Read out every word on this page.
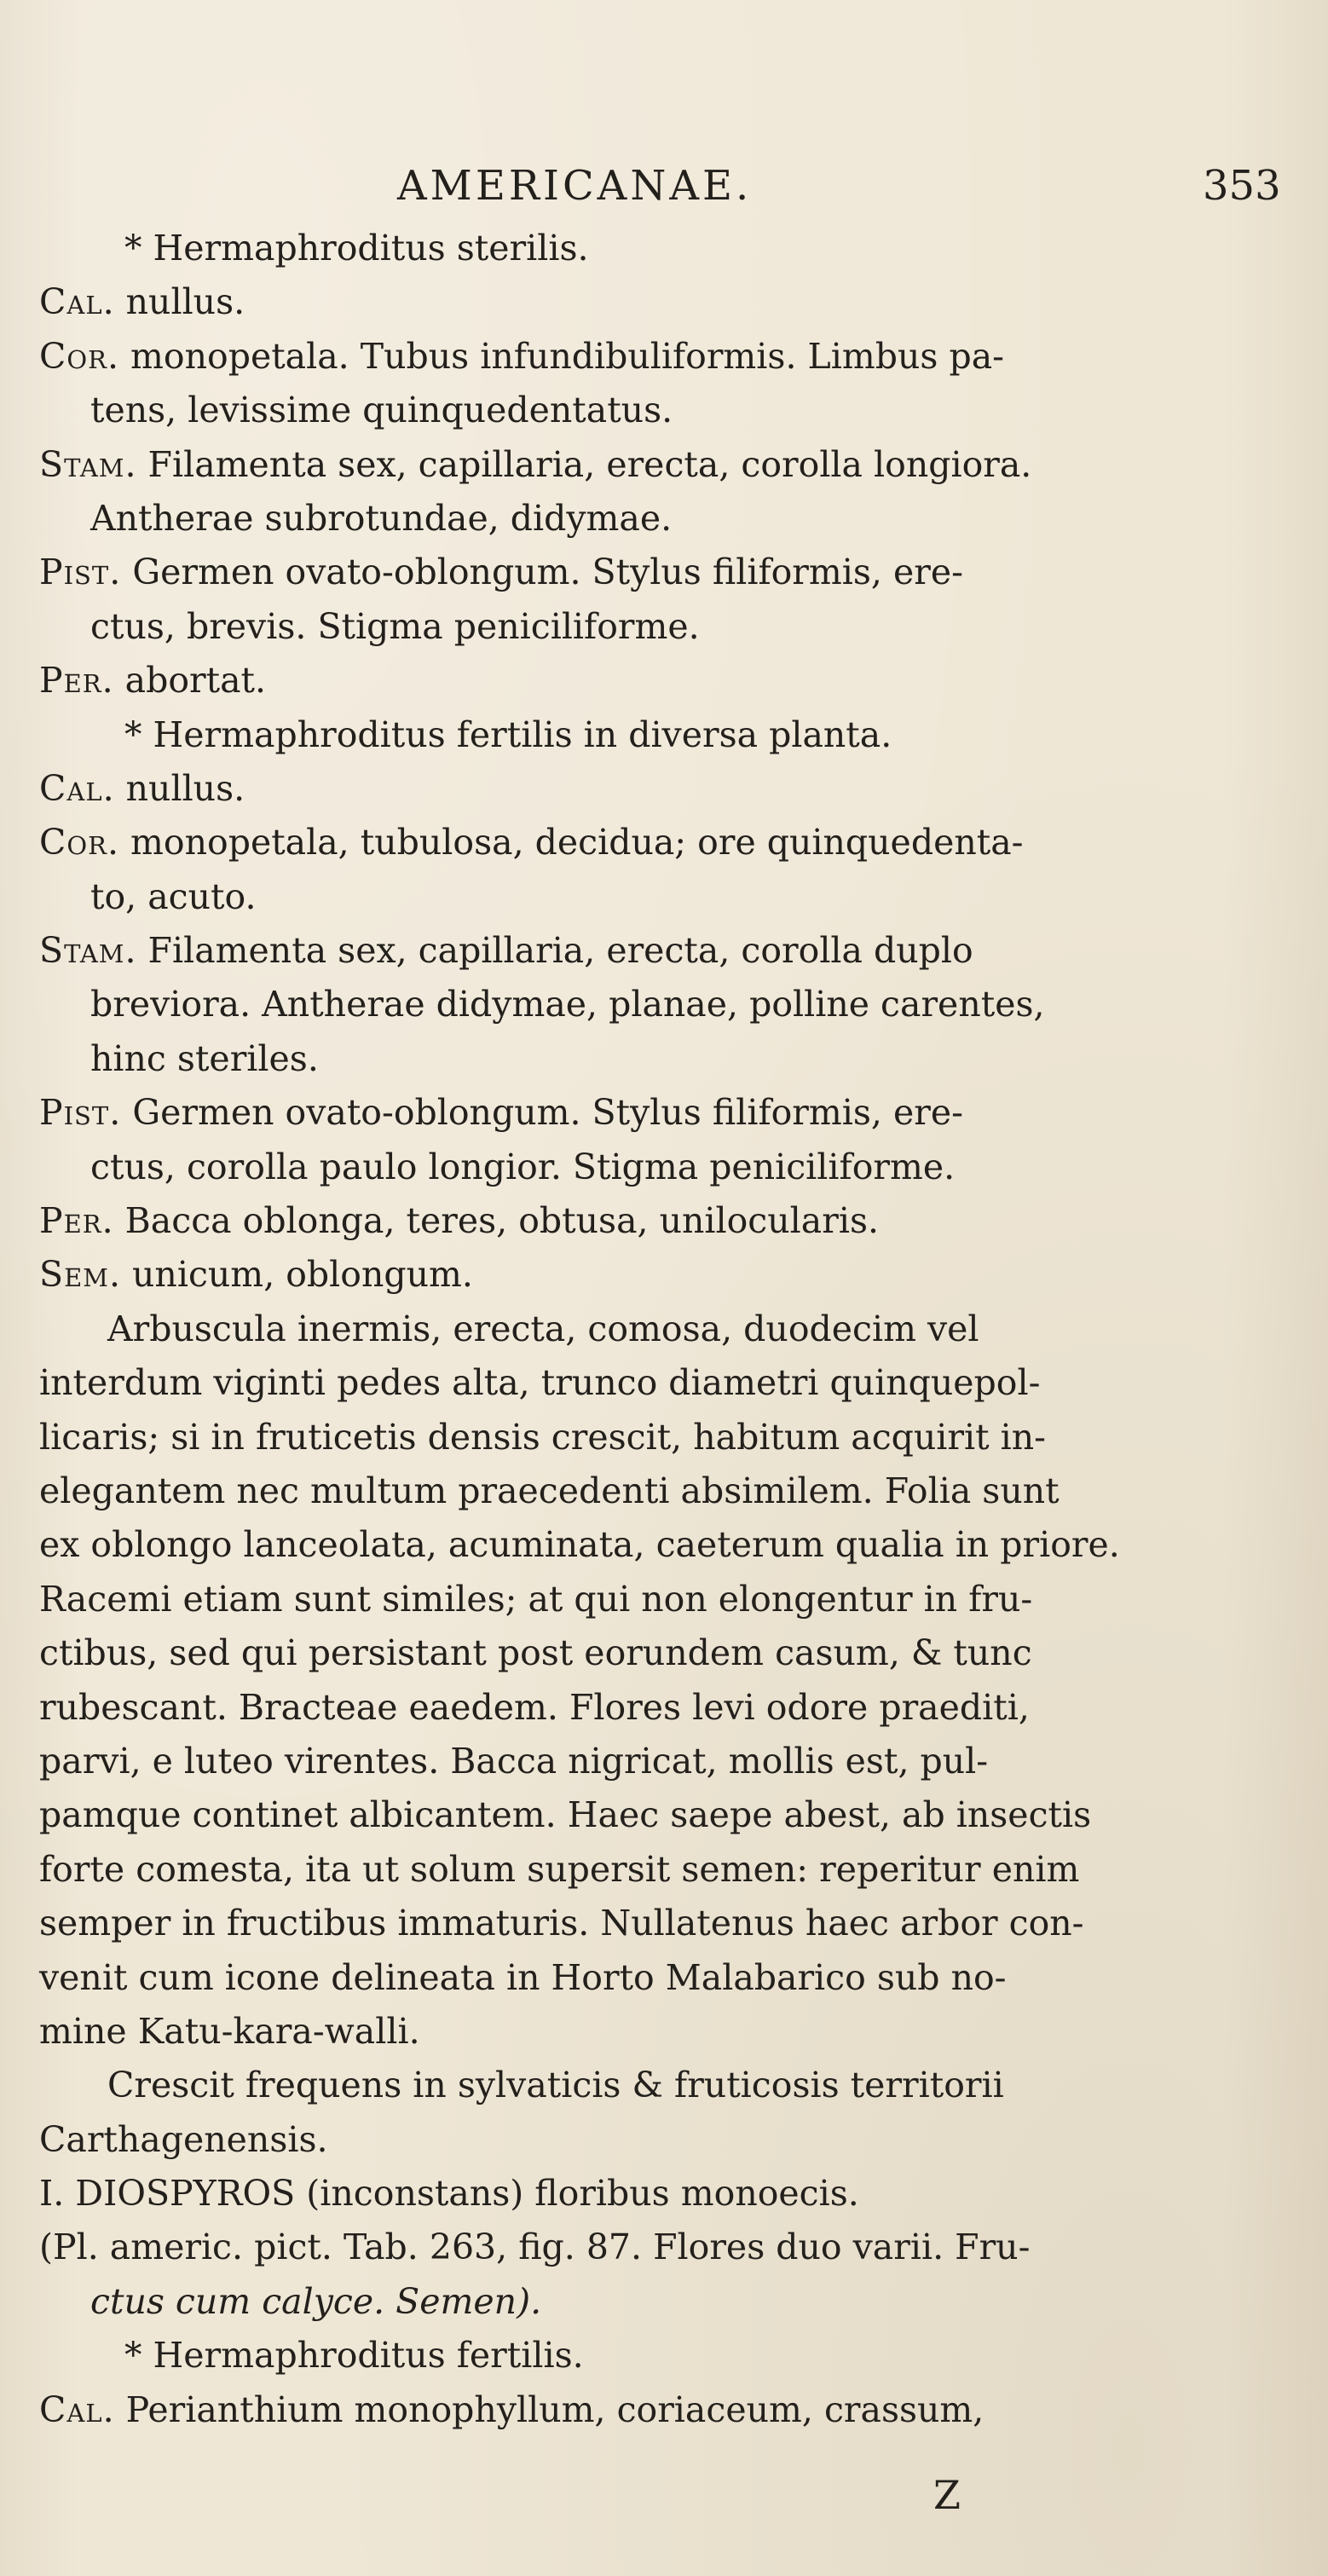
AMERICANAE.	353
* Hermaphroditus sterilis.
Cal. nullus.
Cor. monopetala. Tubus infundibuliformis. Limbus pa-
tens, levissime quinquedentatus.
Stam. Filamenta sex, capillaria, erecta, corolla longiora.
Antherae subrotundae, didymae.
Pist. Germen ovato-oblongum. Stylus filiformis, ere-
ctus, brevis. Stigma peniciliforme.
Per. abortat.
* Hermaphroditus fertilis in diversa planta.
Cal. nullus.
Cor. monopetala, tubulosa, decidua; ore quinquedenta-
to, acuto.
Stam. Filamenta sex, capillaria, erecta, corolla duplo
breviora. Antherae didymae, planae, polline carentes,
hinc steriles.
Pist. Germen ovato-oblongum. Stylus filiformis, ere-
ctus, corolla paulo longior. Stigma peniciliforme.
Per. Bacca oblonga, teres, obtusa, unilocularis.
Sem. unicum, oblongum.
Arbuscula inermis, erecta, comosa, duodecim vel
interdum viginti pedes alta, trunco diametri quinquepol-
licaris; si in fruticetis densis crescit, habitum acquirit in-
elegantem nec multum praecedenti absimilem. Folia sunt
ex oblongo lanceolata, acuminata, caeterum qualia in priore.
Racemi etiam sunt similes; at qui non elongentur in fru-
ctibus, sed qui persistant post eorundem casum, & tunc
rubescant. Bracteae eaedem. Flores levi odore praediti,
parvi, e luteo virentes. Bacca nigricat, mollis est, pul-
pamque continet albicantem. Haec saepe abest, ab insectis
forte comesta, ita ut solum supersit semen: reperitur enim
semper in fructibus immaturis. Nullatenus haec arbor con-
venit cum icone delineata in Horto Malabarico sub no-
mine Katu-kara-walli.
Crescit frequens in sylvaticis & fruticosis territorii
Carthagenensis.
I. DIOSPYROS (inconstans) floribus monoecis.
(Pl. americ. pict. Tab. 263, fig. 87. Flores duo varii. Fru-
ctus cum calyce. Semen).
* Hermaphroditus fertilis.
Cal. Perianthium monophyllum, coriaceum, crassum,
Z
